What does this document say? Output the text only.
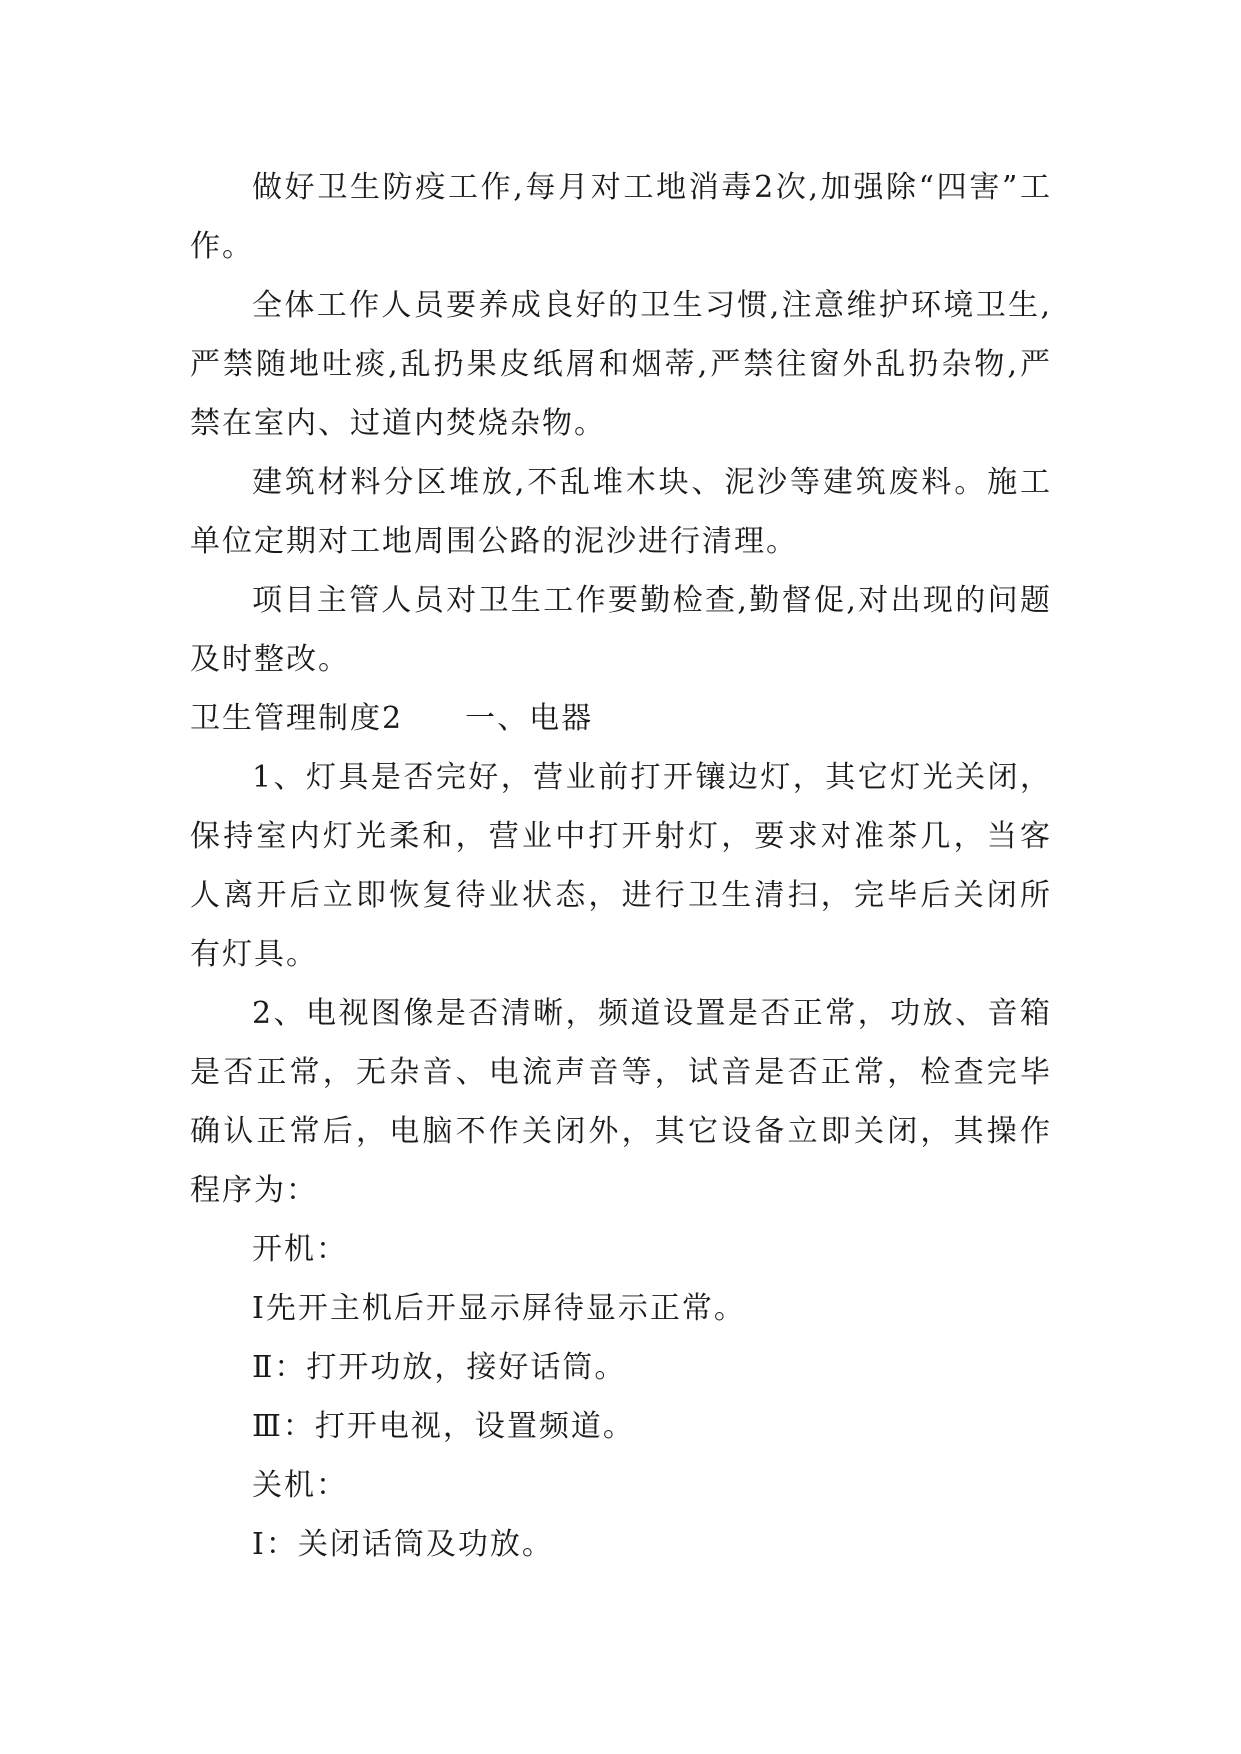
做好卫生防疫工作,每月对工地消毒2次,加强除“四害”工作。

全体工作人员要养成良好的卫生习惯,注意维护环境卫生,严禁随地吐痰,乱扔果皮纸屑和烟蒂,严禁往窗外乱扔杂物,严禁在室内、过道内焚烧杂物。

建筑材料分区堆放,不乱堆木块、泥沙等建筑废料。施工单位定期对工地周围公路的泥沙进行清理。

项目主管人员对卫生工作要勤检查,勤督促,对出现的问题及时整改。

卫生管理制度2 一、电器

1、灯具是否完好，营业前打开镶边灯，其它灯光关闭，保持室内灯光柔和，营业中打开射灯，要求对准茶几，当客人离开后立即恢复待业状态，进行卫生清扫，完毕后关闭所有灯具。

2、电视图像是否清晰，频道设置是否正常，功放、音箱是否正常，无杂音、电流声音等，试音是否正常，检查完毕确认正常后，电脑不作关闭外，其它设备立即关闭，其操作程序为：

开机：

I先开主机后开显示屏待显示正常。

Ⅱ：打开功放，接好话筒。

Ⅲ：打开电视，设置频道。

关机：

I：关闭话筒及功放。
